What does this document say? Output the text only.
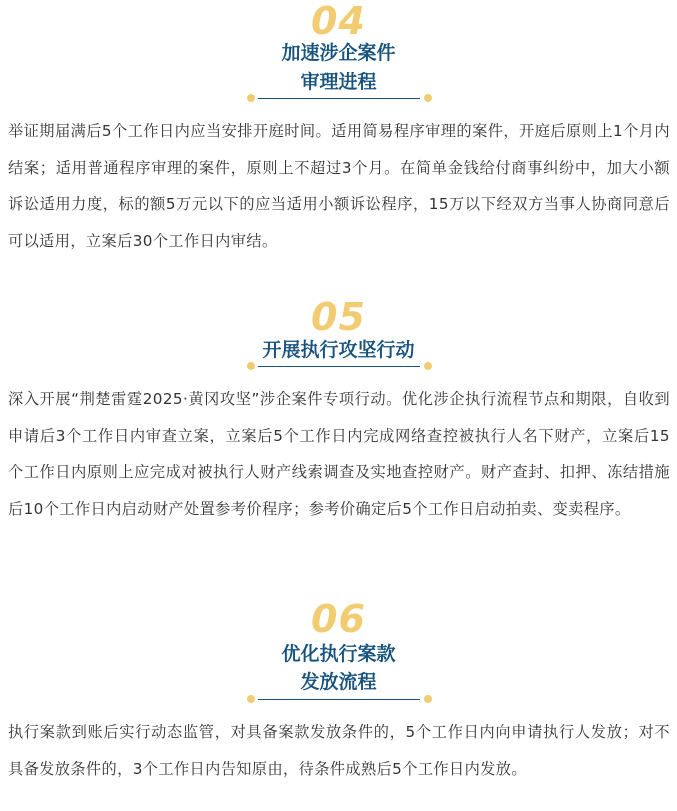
04
加速涉企案件
审理进程

举证期届满后5个工作日内应当安排开庭时间。适用简易程序审理的案件，开庭后原则上1个月内结案；适用普通程序审理的案件，原则上不超过3个月。在简单金钱给付商事纠纷中，加大小额诉讼适用力度，标的额5万元以下的应当适用小额诉讼程序，15万以下经双方当事人协商同意后可以适用，立案后30个工作日内审结。

05
开展执行攻坚行动

深入开展“荆楚雷霆2025·黄冈攻坚”涉企案件专项行动。优化涉企执行流程节点和期限，自收到申请后3个工作日内审查立案，立案后5个工作日内完成网络查控被执行人名下财产，立案后15个工作日内原则上应完成对被执行人财产线索调查及实地查控财产。财产查封、扣押、冻结措施后10个工作日内启动财产处置参考价程序；参考价确定后5个工作日启动拍卖、变卖程序。

06
优化执行案款
发放流程

执行案款到账后实行动态监管，对具备案款发放条件的，5个工作日内向申请执行人发放；对不具备发放条件的，3个工作日内告知原由，待条件成熟后5个工作日内发放。
